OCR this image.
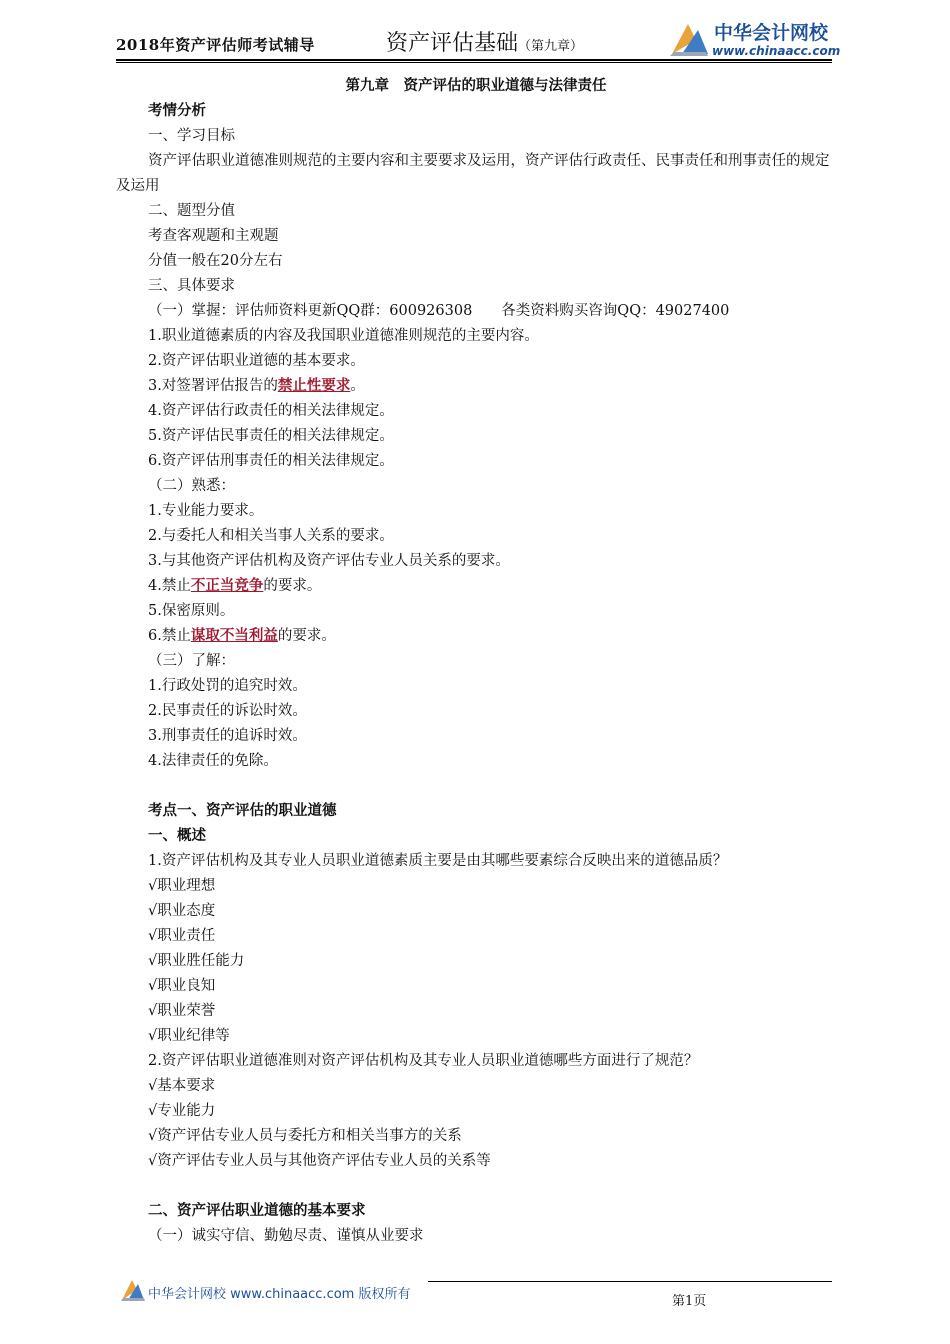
2018年资产评估师考试辅导	资产评估基础（第九章）
中华会计网校
www.chinaacc.com
第九章　资产评估的职业道德与法律责任
考情分析
一、学习目标
资产评估职业道德准则规范的主要内容和主要要求及运用，资产评估行政责任、民事责任和刑事责任的规定及运用
二、题型分值
考查客观题和主观题
分值一般在20分左右
三、具体要求
（一）掌握：评估师资料更新QQ群：600926308　　各类资料购买咨询QQ：49027400
1.职业道德素质的内容及我国职业道德准则规范的主要内容。
2.资产评估职业道德的基本要求。
3.对签署评估报告的禁止性要求。
4.资产评估行政责任的相关法律规定。
5.资产评估民事责任的相关法律规定。
6.资产评估刑事责任的相关法律规定。
（二）熟悉：
1.专业能力要求。
2.与委托人和相关当事人关系的要求。
3.与其他资产评估机构及资产评估专业人员关系的要求。
4.禁止不正当竞争的要求。
5.保密原则。
6.禁止谋取不当利益的要求。
（三）了解：
1.行政处罚的追究时效。
2.民事责任的诉讼时效。
3.刑事责任的追诉时效。
4.法律责任的免除。
考点一、资产评估的职业道德
一、概述
1.资产评估机构及其专业人员职业道德素质主要是由其哪些要素综合反映出来的道德品质？
√职业理想
√职业态度
√职业责任
√职业胜任能力
√职业良知
√职业荣誉
√职业纪律等
2.资产评估职业道德准则对资产评估机构及其专业人员职业道德哪些方面进行了规范？
√基本要求
√专业能力
√资产评估专业人员与委托方和相关当事方的关系
√资产评估专业人员与其他资产评估专业人员的关系等
二、资产评估职业道德的基本要求
（一）诚实守信、勤勉尽责、谨慎从业要求
中华会计网校 www.chinaacc.com 版权所有	第1页
